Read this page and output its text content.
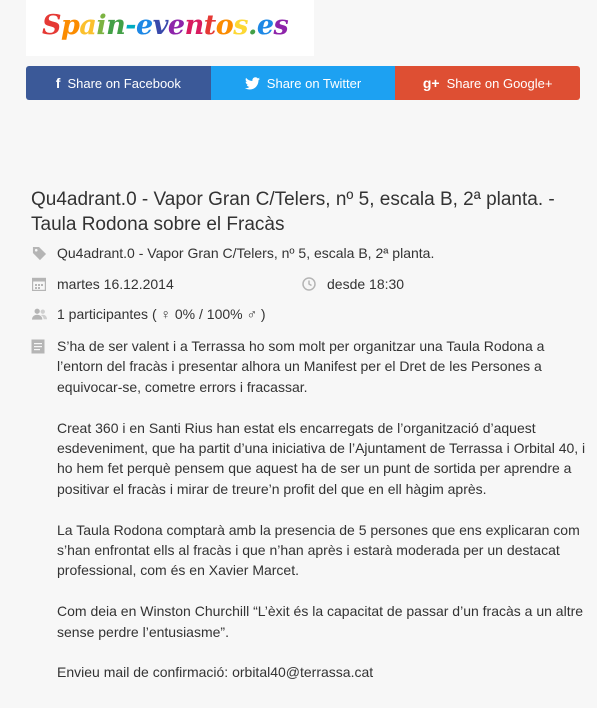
Spain-eventos.es
f Share on Facebook	Share on Twitter	g+ Share on Google+
Qu4adrant.0 - Vapor Gran C/Telers, nº 5, escala B, 2ª planta. - Taula Rodona sobre el Fracàs
Qu4adrant.0 - Vapor Gran C/Telers, nº 5, escala B, 2ª planta.
martes 16.12.2014	desde 18:30
1 participantes ( ♀ 0% / 100% ♂ )

S’ha de ser valent i a Terrassa ho som molt per organitzar una Taula Rodona a l’entorn del fracàs i presentar alhora un Manifest per el Dret de les Persones a equivocar-se, cometre errors i fracassar.

Creat 360 i en Santi Rius han estat els encarregats de l’organització d’aquest esdeveniment, que ha partit d’una iniciativa de l’Ajuntament de Terrassa i Orbital 40, i ho hem fet perquè pensem que aquest ha de ser un punt de sortida per aprendre a positivar el fracàs i mirar de treure’n profit del que en ell hàgim après.

La Taula Rodona comptarà amb la presencia de 5 persones que ens explicaran com s’han enfrontat ells al fracàs i que n’han après i estarà moderada per un destacat professional, com és en Xavier Marcet.

Com deia en Winston Churchill “L’èxit és la capacitat de passar d’un fracàs a un altre sense perdre l’entusiasme”.

Envieu mail de confirmació: orbital40@terrassa.cat
